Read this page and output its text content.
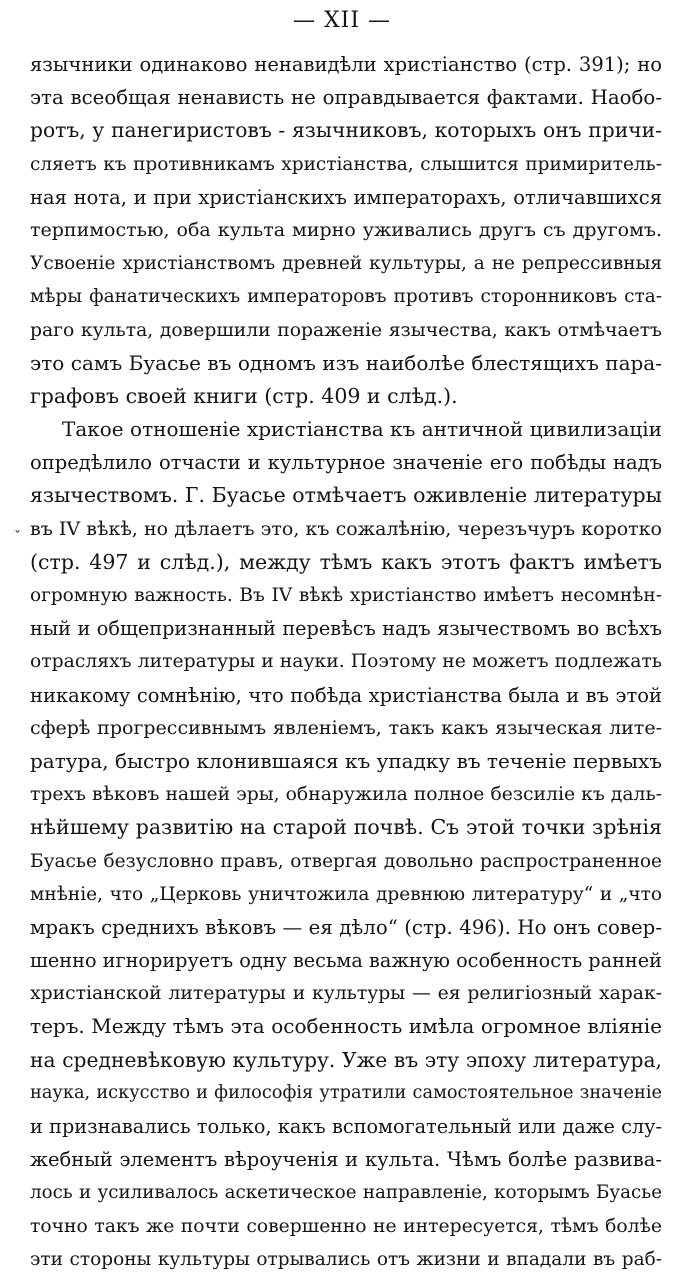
— XII —
ˇ
язычники одинаково ненавидѣли христіанство (стр. 391); но
эта всеобщая ненависть не оправдывается фактами. Наобо-
ротъ, у панегиристовъ - язычниковъ, которыхъ онъ причи-
сляетъ къ противникамъ христіанства, слышится примиритель-
ная нота, и при христіанскихъ императорахъ, отличавшихся
терпимостью, оба культа мирно уживались другъ съ другомъ.
Усвоеніе христіанствомъ древней культуры, а не репрессивныя
мѣры фанатическихъ императоровъ противъ сторонниковъ ста-
раго культа, довершили пораженіе язычества, какъ отмѣчаетъ
это самъ Буасье въ одномъ изъ наиболѣе блестящихъ пара-
графовъ своей книги (стр. 409 и слѣд.).
Такое отношеніе христіанства къ античной цивилизаціи
опредѣлило отчасти и культурное значеніе его побѣды надъ
язычествомъ. Г. Буасье отмѣчаетъ оживленіе литературы
въ IV вѣкѣ, но дѣлаетъ это, къ сожалѣнію, черезъчуръ коротко
(стр. 497 и слѣд.), между тѣмъ какъ этотъ фактъ имѣетъ
огромную важность. Въ IV вѣкѣ христіанство имѣетъ несомнѣн-
ный и общепризнанный перевѣсъ надъ язычествомъ во всѣхъ
отрасляхъ литературы и науки. Поэтому не можетъ подлежать
никакому сомнѣнію, что побѣда христіанства была и въ этой
сферѣ прогрессивнымъ явленіемъ, такъ какъ языческая лите-
ратура, быстро клонившаяся къ упадку въ теченіе первыхъ
трехъ вѣковъ нашей эры, обнаружила полное безсиліе къ даль-
нѣйшему развитію на старой почвѣ. Съ этой точки зрѣнія
Буасье безусловно правъ, отвергая довольно распространенное
мнѣніе, что „Церковь уничтожила древнюю литературу“ и „что
мракъ среднихъ вѣковъ — ея дѣло“ (стр. 496). Но онъ совер-
шенно игнорируетъ одну весьма важную особенность ранней
христіанской литературы и культуры — ея религіозный харак-
теръ. Между тѣмъ эта особенность имѣла огромное вліяніе
на средневѣковую культуру. Уже въ эту эпоху литература,
наука, искусство и философія утратили самостоятельное значеніе
и признавались только, какъ вспомогательный или даже слу-
жебный элементъ вѣроученія и культа. Чѣмъ болѣе развива-
лось и усиливалось аскетическое направленіе, которымъ Буасье
точно такъ же почти совершенно не интересуется, тѣмъ болѣе
эти стороны культуры отрывались отъ жизни и впадали въ раб-
